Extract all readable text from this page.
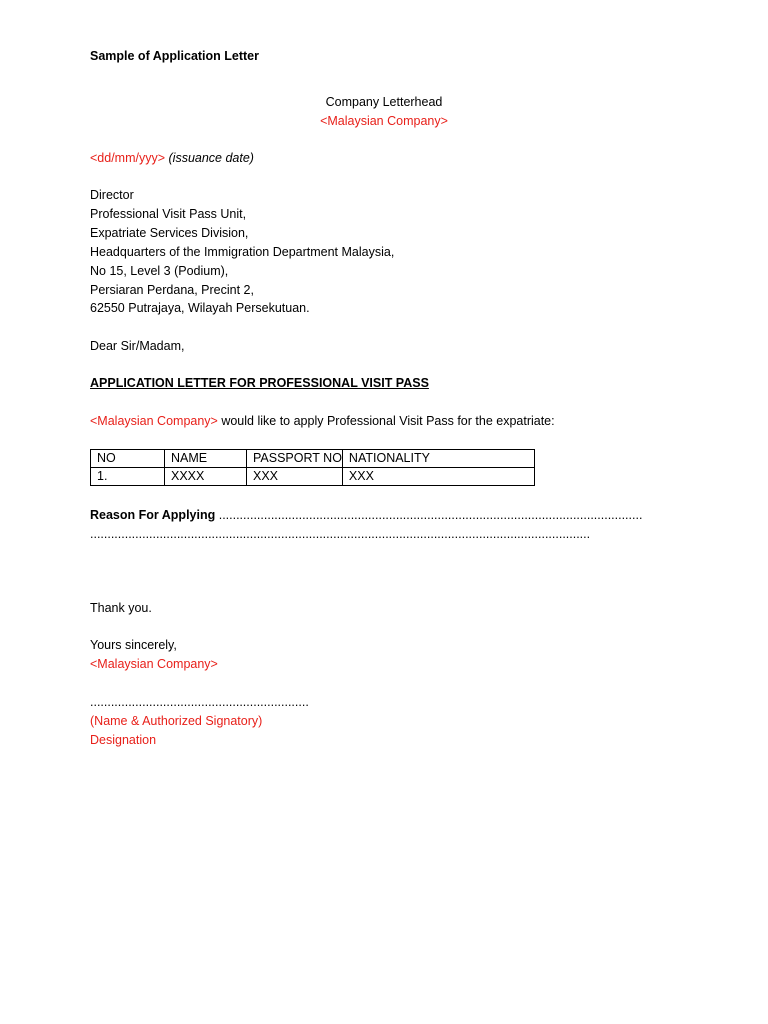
Sample of Application Letter
Company Letterhead
<Malaysian Company>
<dd/mm/yyy> (issuance date)
Director
Professional Visit Pass Unit,
Expatriate Services Division,
Headquarters of the Immigration Department Malaysia,
No 15, Level 3 (Podium),
Persiaran Perdana, Precint 2,
62550 Putrajaya, Wilayah Persekutuan.
Dear Sir/Madam,
APPLICATION LETTER FOR PROFESSIONAL VISIT PASS
<Malaysian Company> would like to apply Professional Visit Pass for the expatriate:
NO	NAME	PASSPORT NO	NATIONALITY
1.	XXXX	XXX	XXX
Reason For Applying ..........................................................................................................................
................................................................................................................................................
Thank you.
Yours sincerely,
<Malaysian Company>
...............................................................
(Name & Authorized Signatory)
Designation
